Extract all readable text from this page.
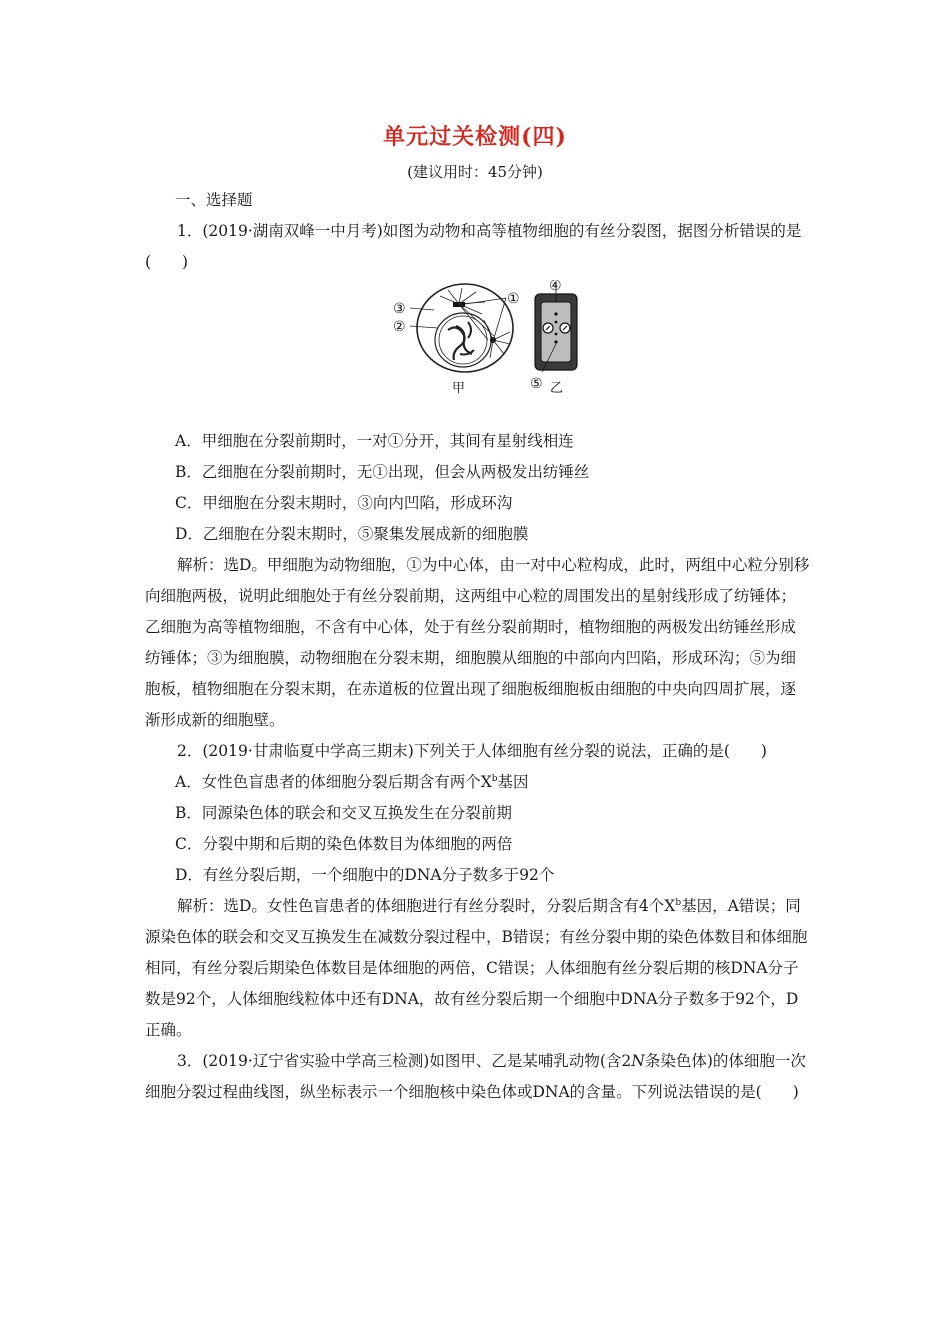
单元过关检测(四)
(建议用时：45分钟)

一、选择题

1．(2019·湖南双峰一中月考)如图为动物和高等植物细胞的有丝分裂图，据图分析错误的是(　　)

③
②
①
甲
④
⑤ 乙

A．甲细胞在分裂前期时，一对①分开，其间有星射线相连

B．乙细胞在分裂前期时，无①出现，但会从两极发出纺锤丝

C．甲细胞在分裂末期时，③向内凹陷，形成环沟

D．乙细胞在分裂末期时，⑤聚集发展成新的细胞膜

解析：选D。甲细胞为动物细胞，①为中心体，由一对中心粒构成，此时，两组中心粒分别移向细胞两极，说明此细胞处于有丝分裂前期，这两组中心粒的周围发出的星射线形成了纺锤体；乙细胞为高等植物细胞，不含有中心体，处于有丝分裂前期时，植物细胞的两极发出纺锤丝形成纺锤体；③为细胞膜，动物细胞在分裂末期，细胞膜从细胞的中部向内凹陷，形成环沟；⑤为细胞板，植物细胞在分裂末期，在赤道板的位置出现了细胞板细胞板由细胞的中央向四周扩展，逐渐形成新的细胞壁。

2．(2019·甘肃临夏中学高三期末)下列关于人体细胞有丝分裂的说法，正确的是(　　)

A．女性色盲患者的体细胞分裂后期含有两个$X^b$基因

B．同源染色体的联会和交叉互换发生在分裂前期

C．分裂中期和后期的染色体数目为体细胞的两倍

D．有丝分裂后期，一个细胞中的DNA分子数多于92个

解析：选D。女性色盲患者的体细胞进行有丝分裂时，分裂后期含有4个$X^b$基因，A错误；同源染色体的联会和交叉互换发生在减数分裂过程中，B错误；有丝分裂中期的染色体数目和体细胞相同，有丝分裂后期染色体数目是体细胞的两倍，C错误；人体细胞有丝分裂后期的核DNA分子数是92个，人体细胞线粒体中还有DNA，故有丝分裂后期一个细胞中DNA分子数多于92个，D正确。

3．(2019·辽宁省实验中学高三检测)如图甲、乙是某哺乳动物(含2N条染色体)的体细胞一次细胞分裂过程曲线图，纵坐标表示一个细胞核中染色体或DNA的含量。下列说法错误的是(　　)
